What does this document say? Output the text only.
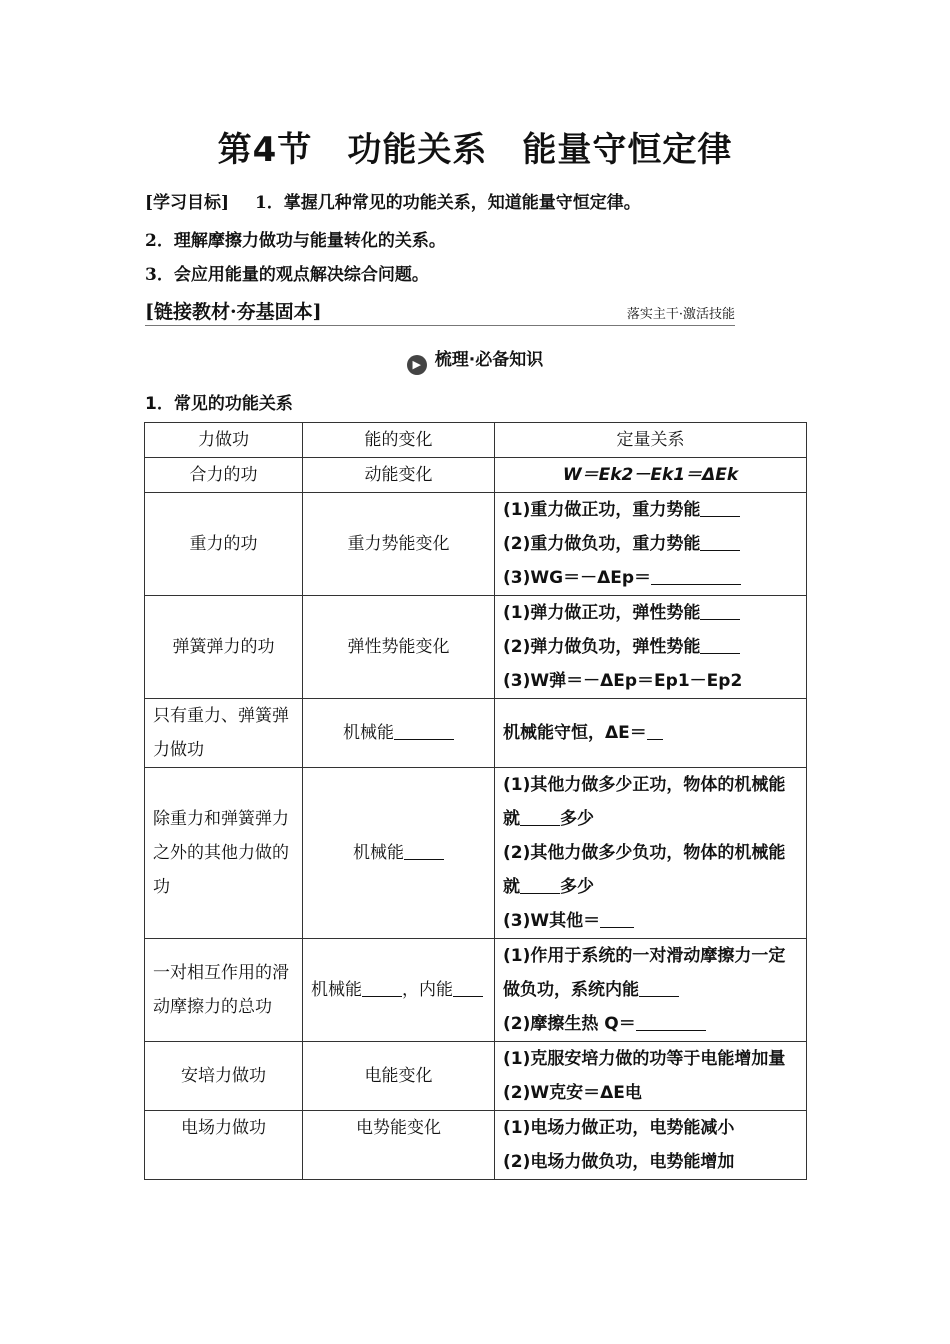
第4节　功能关系　能量守恒定律
[学习目标] 1．掌握几种常见的功能关系，知道能量守恒定律。
2．理解摩擦力做功与能量转化的关系。
3．会应用能量的观点解决综合问题。
[链接教材·夯基固本]	落实主干·激活技能
▶ 梳理·必备知识
1．常见的功能关系
力做功	能的变化	定量关系
合力的功	动能变化	W＝Ek2－Ek1＝ΔEk
重力的功	重力势能变化	(1)重力做正功，重力势能
(2)重力做负功，重力势能
(3)WG＝－ΔEp＝

弹簧弹力的功	弹性势能变化	(1)弹力做正功，弹性势能
(2)弹力做负功，弹性势能
(3)W弹＝－ΔEp＝Ep1－Ep2

只有重力、弹簧弹力做功	机械能	机械能守恒，ΔE＝

除重力和弹簧弹力之外的其他力做的功	机械能	(1)其他力做多少正功，物体的机械能就 多少
(2)其他力做多少负功，物体的机械能就 多少
(3)W其他＝

一对相互作用的滑动摩擦力的总功	机械能 ，内能	(1)作用于系统的一对滑动摩擦力一定做负功，系统内能
(2)摩擦生热 Q＝

安培力做功	电能变化	(1)克服安培力做的功等于电能增加量
(2)W克安＝ΔE电

电场力做功	电势能变化	(1)电场力做正功，电势能减小
(2)电场力做负功，电势能增加
